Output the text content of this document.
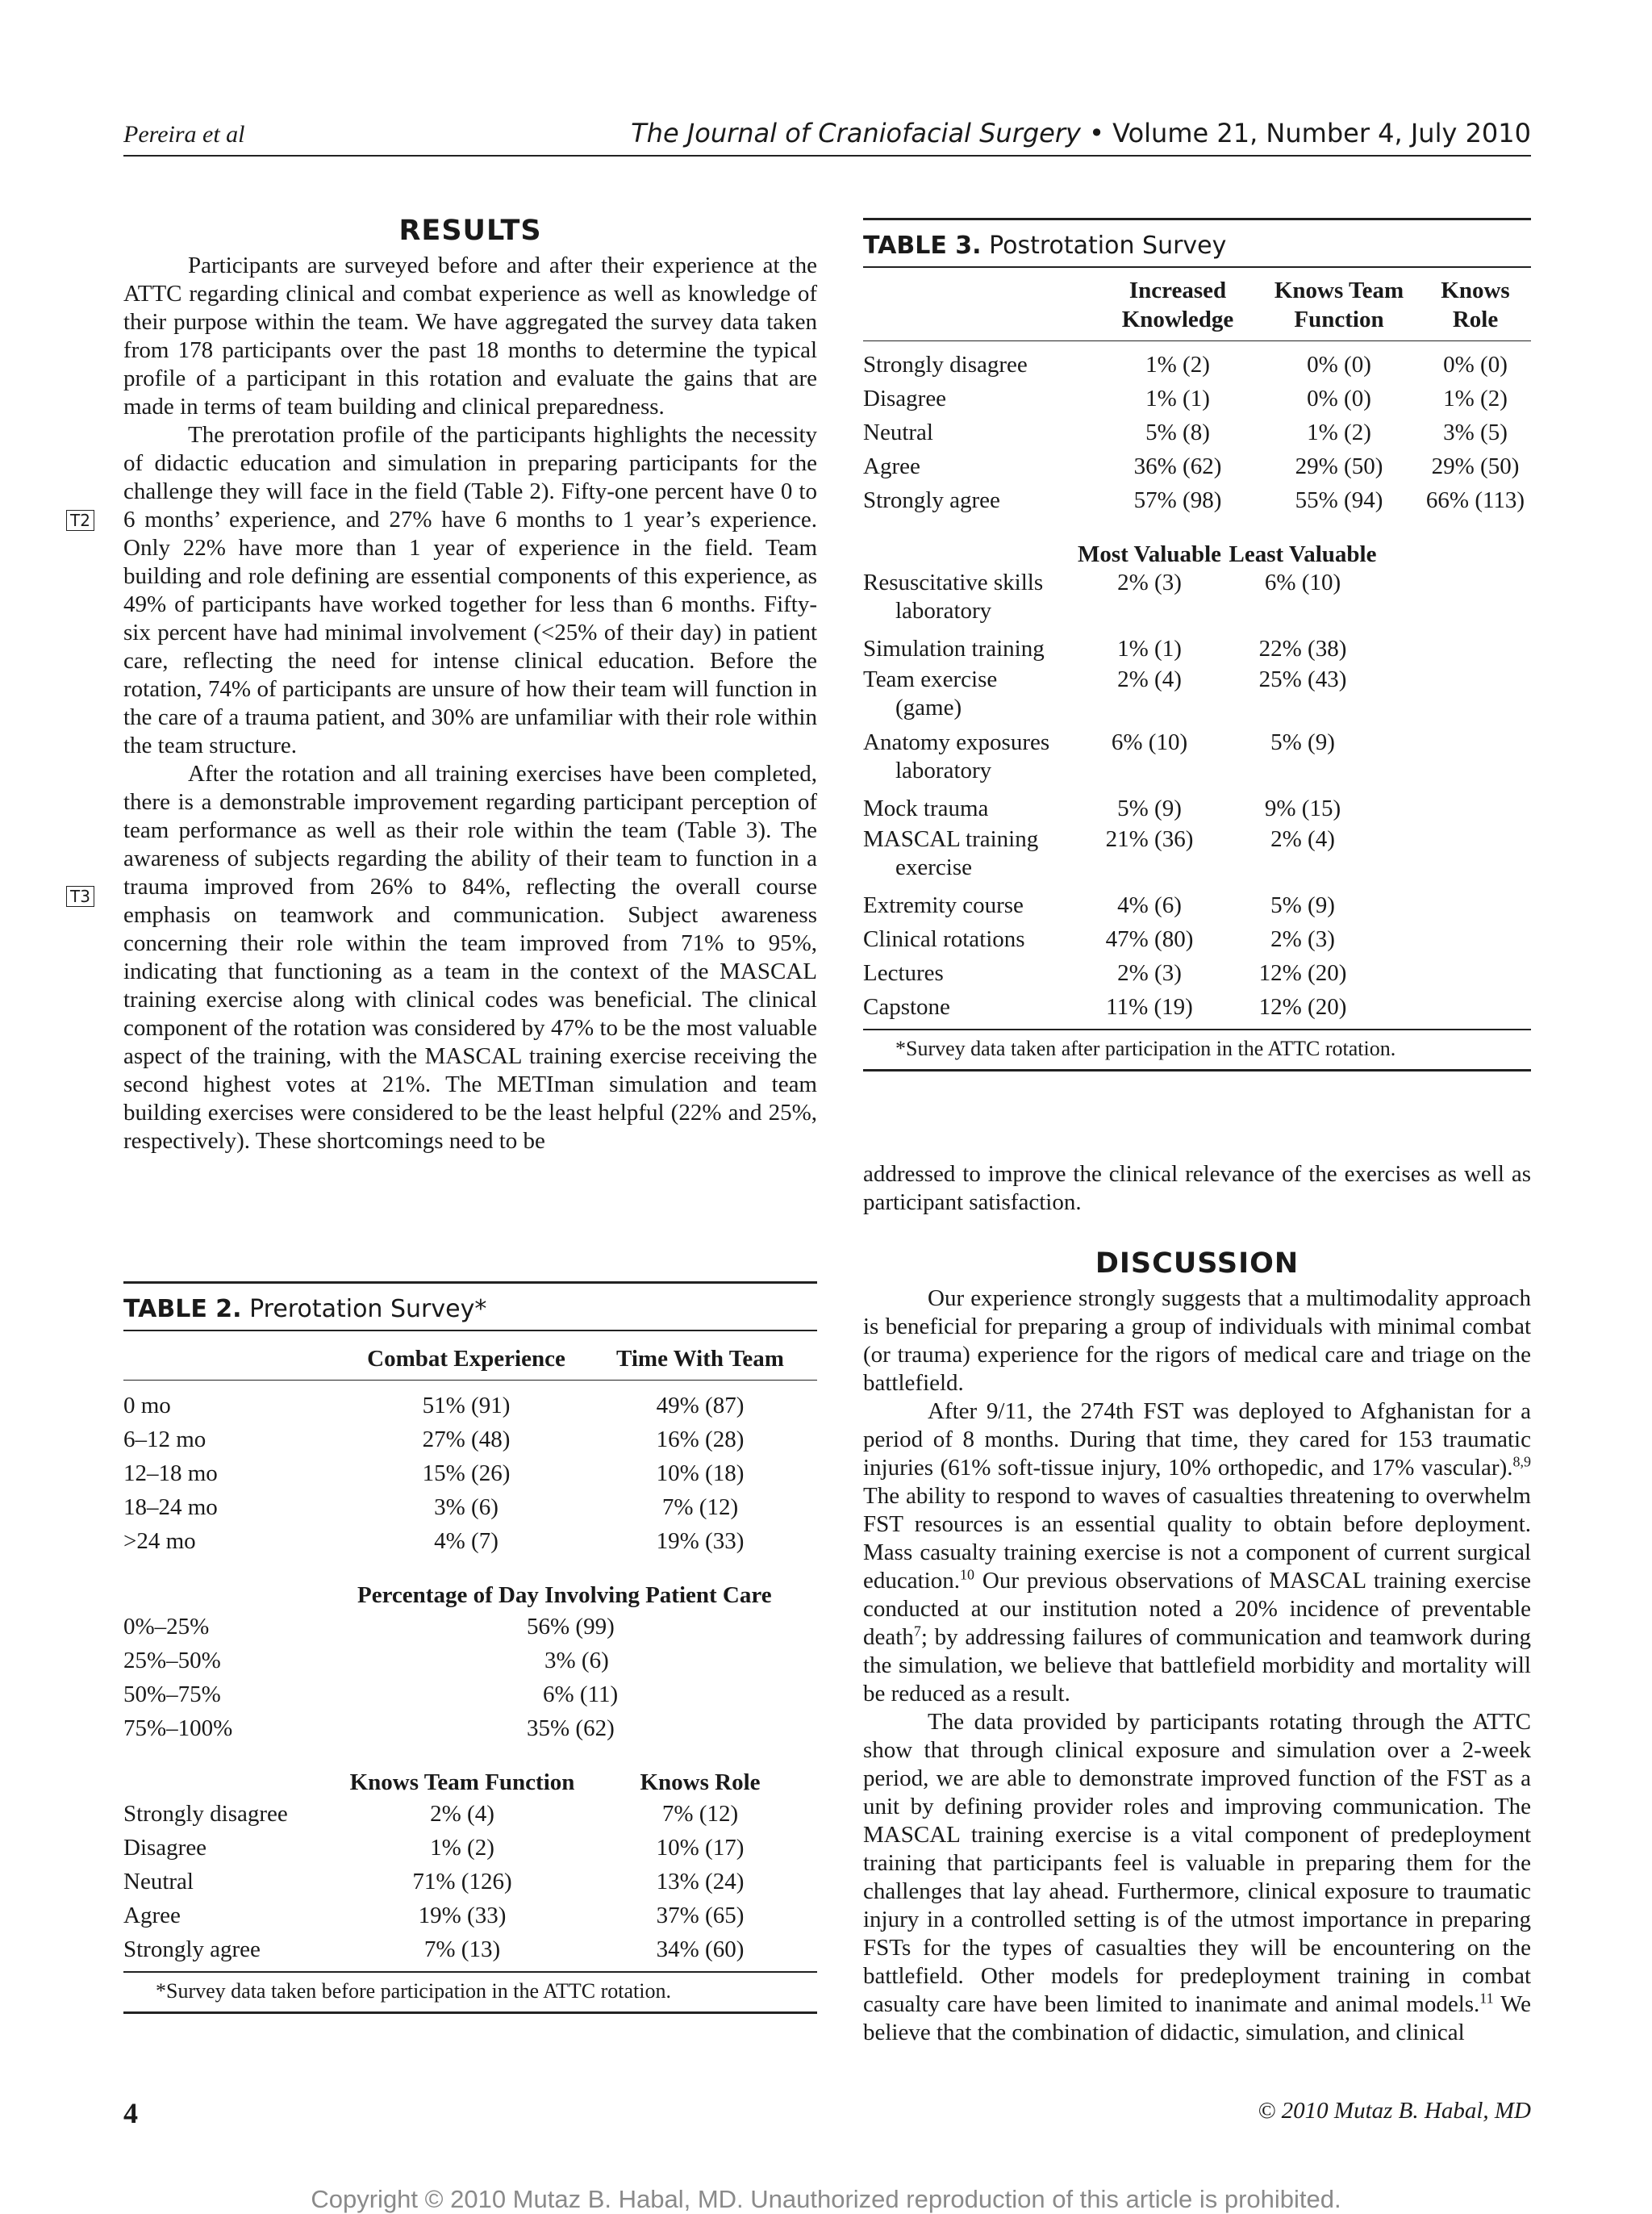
Pereira et al	The Journal of Craniofacial Surgery • Volume 21, Number 4, July 2010
RESULTS

Participants are surveyed before and after their experience at the ATTC regarding clinical and combat experience as well as knowledge of their purpose within the team. We have aggregated the survey data taken from 178 participants over the past 18 months to determine the typical profile of a participant in this rotation and evaluate the gains that are made in terms of team building and clinical preparedness.

The prerotation profile of the participants highlights the necessity of didactic education and simulation in preparing participants for the challenge they will face in the field (Table 2). Fifty-one percent have 0 to 6 months’ experience, and 27% have 6 months to 1 year’s experience. Only 22% have more than 1 year of experience in the field. Team building and role defining are essential components of this experience, as 49% of participants have worked together for less than 6 months. Fifty-six percent have had minimal involvement (<25% of their day) in patient care, reflecting the need for intense clinical education. Before the rotation, 74% of participants are unsure of how their team will function in the care of a trauma patient, and 30% are unfamiliar with their role within the team structure.

After the rotation and all training exercises have been completed, there is a demonstrable improvement regarding participant perception of team performance as well as their role within the team (Table 3). The awareness of subjects regarding the ability of their team to function in a trauma improved from 26% to 84%, reflecting the overall course emphasis on teamwork and communication. Subject awareness concerning their role within the team improved from 71% to 95%, indicating that functioning as a team in the context of the MASCAL training exercise along with clinical codes was beneficial. The clinical component of the rotation was considered by 47% to be the most valuable aspect of the training, with the MASCAL training exercise receiving the second highest votes at 21%. The METIman simulation and team building exercises were considered to be the least helpful (22% and 25%, respectively). These shortcomings need to be

T2
T3
TABLE 2. Prerotation Survey*
	Combat Experience	Time With Team
0 mo	51% (91)	49% (87)
6–12 mo	27% (48)	16% (28)
12–18 mo	15% (26)	10% (18)
18–24 mo	3% (6)	7% (12)
>24 mo	4% (7)	19% (33)
	Percentage of Day Involving Patient Care
0%–25%	56% (99)
25%–50%	3% (6)
50%–75%	6% (11)
75%–100%	35% (62)
	Knows Team Function	Knows Role
Strongly disagree	2% (4)	7% (12)
Disagree	1% (2)	10% (17)
Neutral	71% (126)	13% (24)
Agree	19% (33)	37% (65)
Strongly agree	7% (13)	34% (60)
*Survey data taken before participation in the ATTC rotation.
TABLE 3. Postrotation Survey
	Increased Knowledge	Knows Team Function	Knows Role
Strongly disagree	1% (2)	0% (0)	0% (0)
Disagree	1% (1)	0% (0)	1% (2)
Neutral	5% (8)	1% (2)	3% (5)
Agree	36% (62)	29% (50)	29% (50)
Strongly agree	57% (98)	55% (94)	66% (113)
	Most Valuable	Least Valuable	

Resuscitative skills
laboratory	2% (3)	6% (10)	
Simulation training	1% (1)	22% (38)	

Team exercise
(game)	2% (4)	25% (43)	

Anatomy exposures
laboratory	6% (10)	5% (9)	
Mock trauma	5% (9)	9% (15)	

MASCAL training
exercise	21% (36)	2% (4)	
Extremity course	4% (6)	5% (9)	
Clinical rotations	47% (80)	2% (3)	
Lectures	2% (3)	12% (20)	
Capstone	11% (19)	12% (20)	
*Survey data taken after participation in the ATTC rotation.

addressed to improve the clinical relevance of the exercises as well as participant satisfaction.

DISCUSSION

Our experience strongly suggests that a multimodality approach is beneficial for preparing a group of individuals with minimal combat (or trauma) experience for the rigors of medical care and triage on the battlefield.

After 9/11, the 274th FST was deployed to Afghanistan for a period of 8 months. During that time, they cared for 153 traumatic injuries (61% soft-tissue injury, 10% orthopedic, and 17% vascular).$^{8,9}$ The ability to respond to waves of casualties threatening to overwhelm FST resources is an essential quality to obtain before deployment. Mass casualty training exercise is not a component of current surgical education.$^{10}$ Our previous observations of MASCAL training exercise conducted at our institution noted a 20% incidence of preventable death$^7$; by addressing failures of communication and teamwork during the simulation, we believe that battlefield morbidity and mortality will be reduced as a result.

The data provided by participants rotating through the ATTC show that through clinical exposure and simulation over a 2-week period, we are able to demonstrate improved function of the FST as a unit by defining provider roles and improving communication. The MASCAL training exercise is a vital component of predeployment training that participants feel is valuable in preparing them for the challenges that lay ahead. Furthermore, clinical exposure to traumatic injury in a controlled setting is of the utmost importance in preparing FSTs for the types of casualties they will be encountering on the battlefield. Other models for predeployment training in combat casualty care have been limited to inanimate and animal models.$^{11}$ We believe that the combination of didactic, simulation, and clinical

4	© 2010 Mutaz B. Habal, MD
Copyright © 2010 Mutaz B. Habal, MD. Unauthorized reproduction of this article is prohibited.
